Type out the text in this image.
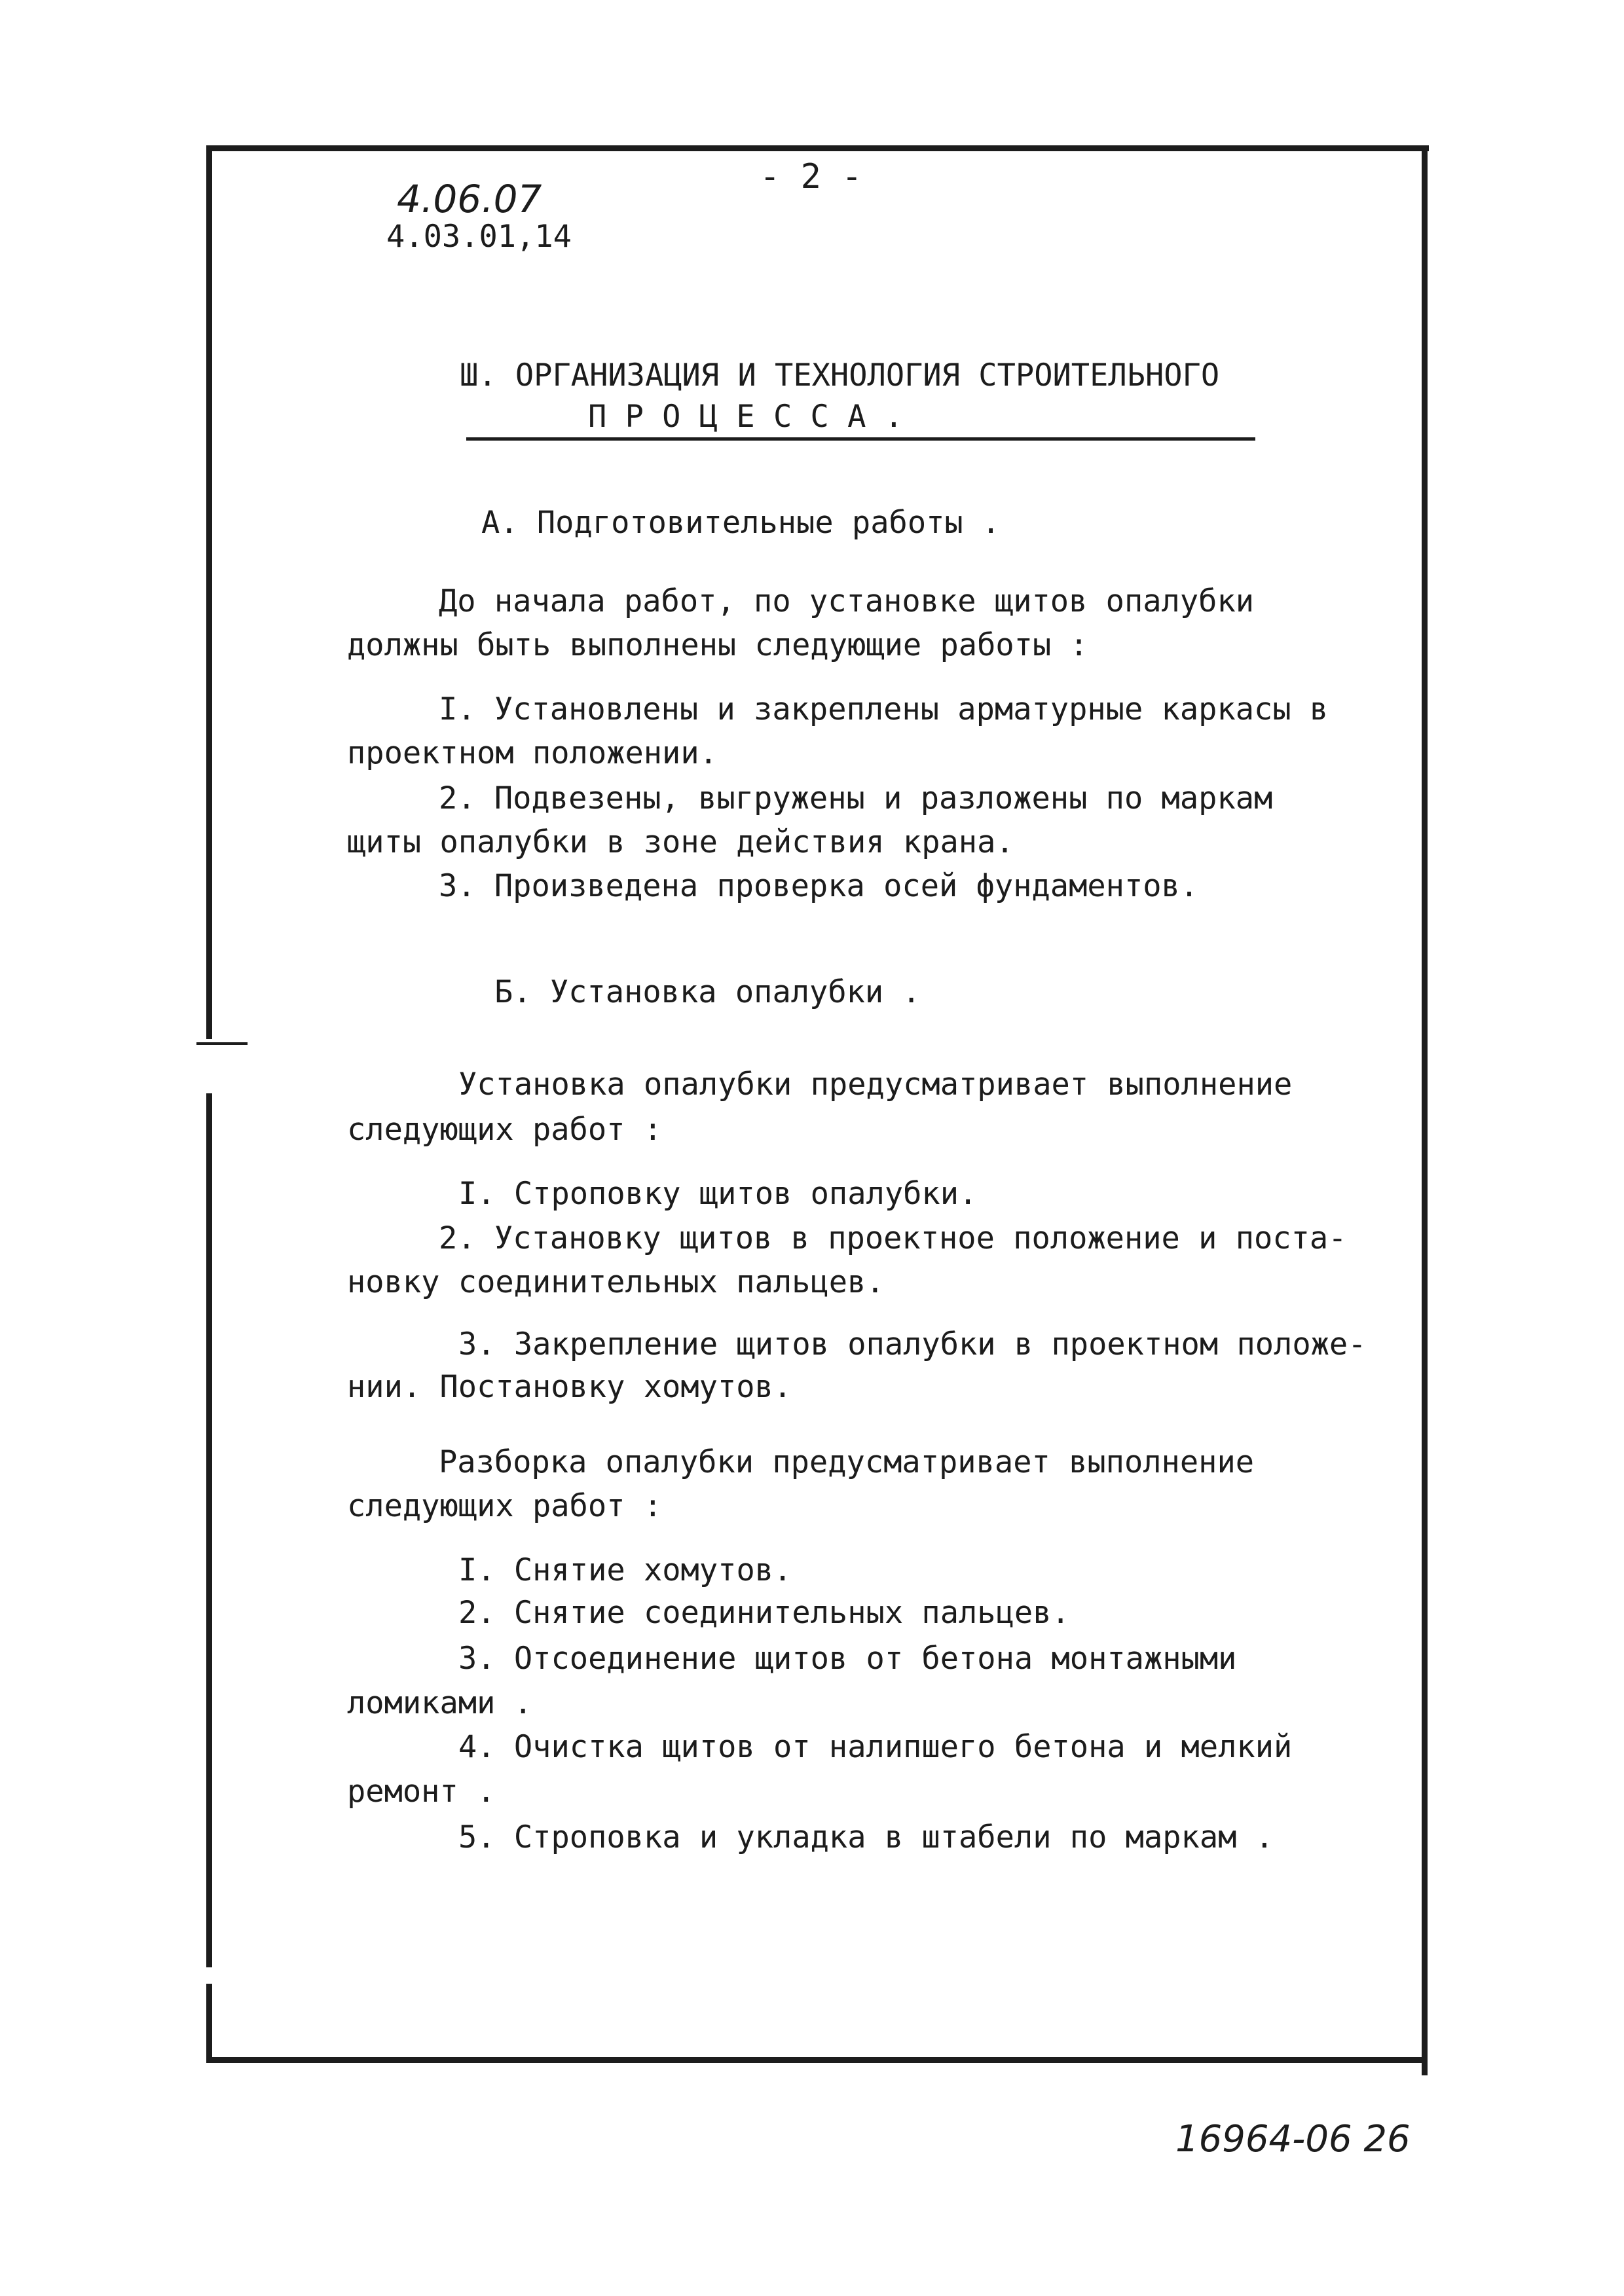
- 2 -
4.06.07
4.03.01,14
Ш. ОРГАНИЗАЦИЯ И ТЕХНОЛОГИЯ СТРОИТЕЛЬНОГО
П Р О Ц Е С С А .
А. Подготовительные работы .
До начала работ, по установке щитов опалубки
должны быть выполнены следующие работы :
I. Установлены и закреплены арматурные каркасы в
проектном положении.
2. Подвезены, выгружены и разложены по маркам
щиты опалубки в зоне действия крана.
3. Произведена проверка осей фундаментов.
Б. Установка опалубки .
Установка опалубки предусматривает выполнение
следующих работ :
I. Строповку щитов опалубки.
2. Установку щитов в проектное положение и поста-
новку соединительных пальцев.
3. Закрепление щитов опалубки в проектном положе-
нии. Постановку хомутов.
Разборка опалубки предусматривает выполнение
следующих работ :
I. Снятие хомутов.
2. Снятие соединительных пальцев.
3. Отсоединение щитов от бетона монтажными
ломиками .
4. Очистка щитов от налипшего бетона и мелкий
ремонт .
5. Строповка и укладка в штабели по маркам .
16964-06 26
